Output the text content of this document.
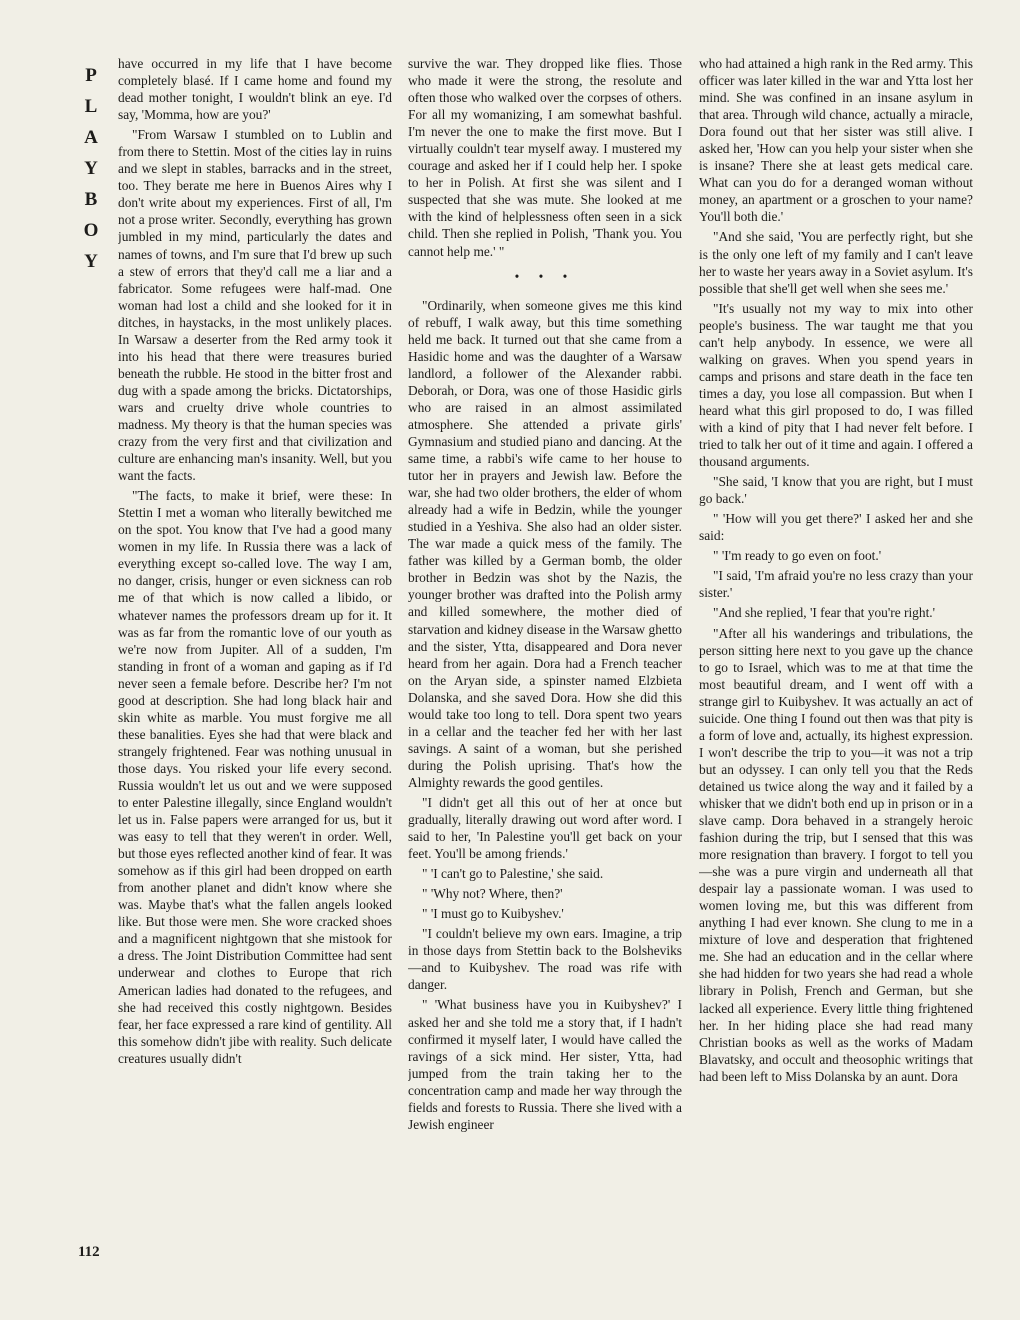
P
L
A
Y
B
O
Y

have occurred in my life that I have become completely blasé. If I came home and found my dead mother tonight, I wouldn't blink an eye. I'd say, 'Momma, how are you?'

"From Warsaw I stumbled on to Lublin and from there to Stettin. Most of the cities lay in ruins and we slept in stables, barracks and in the street, too. They berate me here in Buenos Aires why I don't write about my experiences. First of all, I'm not a prose writer. Secondly, everything has grown jumbled in my mind, particularly the dates and names of towns, and I'm sure that I'd brew up such a stew of errors that they'd call me a liar and a fabricator. Some refugees were half-mad. One woman had lost a child and she looked for it in ditches, in haystacks, in the most unlikely places. In Warsaw a deserter from the Red army took it into his head that there were treasures buried beneath the rubble. He stood in the bitter frost and dug with a spade among the bricks. Dictatorships, wars and cruelty drive whole countries to madness. My theory is that the human species was crazy from the very first and that civilization and culture are enhancing man's insanity. Well, but you want the facts.

"The facts, to make it brief, were these: In Stettin I met a woman who literally bewitched me on the spot. You know that I've had a good many women in my life. In Russia there was a lack of everything except so-called love. The way I am, no danger, crisis, hunger or even sickness can rob me of that which is now called a libido, or whatever names the professors dream up for it. It was as far from the romantic love of our youth as we're now from Jupiter. All of a sudden, I'm standing in front of a woman and gaping as if I'd never seen a female before. Describe her? I'm not good at description. She had long black hair and skin white as marble. You must forgive me all these banalities. Eyes she had that were black and strangely frightened. Fear was nothing unusual in those days. You risked your life every second. Russia wouldn't let us out and we were supposed to enter Palestine illegally, since England wouldn't let us in. False papers were arranged for us, but it was easy to tell that they weren't in order. Well, but those eyes reflected another kind of fear. It was somehow as if this girl had been dropped on earth from another planet and didn't know where she was. Maybe that's what the fallen angels looked like. But those were men. She wore cracked shoes and a magnificent nightgown that she mistook for a dress. The Joint Distribution Committee had sent underwear and clothes to Europe that rich American ladies had donated to the refugees, and she had received this costly nightgown. Besides fear, her face expressed a rare kind of gentility. All this somehow didn't jibe with reality. Such delicate creatures usually didn't

survive the war. They dropped like flies. Those who made it were the strong, the resolute and often those who walked over the corpses of others. For all my womanizing, I am somewhat bashful. I'm never the one to make the first move. But I virtually couldn't tear myself away. I mustered my courage and asked her if I could help her. I spoke to her in Polish. At first she was silent and I suspected that she was mute. She looked at me with the kind of helplessness often seen in a sick child. Then she replied in Polish, 'Thank you. You cannot help me.' "

• • •

"Ordinarily, when someone gives me this kind of rebuff, I walk away, but this time something held me back. It turned out that she came from a Hasidic home and was the daughter of a Warsaw landlord, a follower of the Alexander rabbi. Deborah, or Dora, was one of those Hasidic girls who are raised in an almost assimilated atmosphere. She attended a private girls' Gymnasium and studied piano and dancing. At the same time, a rabbi's wife came to her house to tutor her in prayers and Jewish law. Before the war, she had two older brothers, the elder of whom already had a wife in Bedzin, while the younger studied in a Yeshiva. She also had an older sister. The war made a quick mess of the family. The father was killed by a German bomb, the older brother in Bedzin was shot by the Nazis, the younger brother was drafted into the Polish army and killed somewhere, the mother died of starvation and kidney disease in the Warsaw ghetto and the sister, Ytta, disappeared and Dora never heard from her again. Dora had a French teacher on the Aryan side, a spinster named Elzbieta Dolanska, and she saved Dora. How she did this would take too long to tell. Dora spent two years in a cellar and the teacher fed her with her last savings. A saint of a woman, but she perished during the Polish uprising. That's how the Almighty rewards the good gentiles.

"I didn't get all this out of her at once but gradually, literally drawing out word after word. I said to her, 'In Palestine you'll get back on your feet. You'll be among friends.'

" 'I can't go to Palestine,' she said.

" 'Why not? Where, then?'

" 'I must go to Kuibyshev.'

"I couldn't believe my own ears. Imagine, a trip in those days from Stettin back to the Bolsheviks—and to Kuibyshev. The road was rife with danger.

" 'What business have you in Kuibyshev?' I asked her and she told me a story that, if I hadn't confirmed it myself later, I would have called the ravings of a sick mind. Her sister, Ytta, had jumped from the train taking her to the concentration camp and made her way through the fields and forests to Russia. There she lived with a Jewish engineer

who had attained a high rank in the Red army. This officer was later killed in the war and Ytta lost her mind. She was confined in an insane asylum in that area. Through wild chance, actually a miracle, Dora found out that her sister was still alive. I asked her, 'How can you help your sister when she is insane? There she at least gets medical care. What can you do for a deranged woman without money, an apartment or a groschen to your name? You'll both die.'

"And she said, 'You are perfectly right, but she is the only one left of my family and I can't leave her to waste her years away in a Soviet asylum. It's possible that she'll get well when she sees me.'

"It's usually not my way to mix into other people's business. The war taught me that you can't help anybody. In essence, we were all walking on graves. When you spend years in camps and prisons and stare death in the face ten times a day, you lose all compassion. But when I heard what this girl proposed to do, I was filled with a kind of pity that I had never felt before. I tried to talk her out of it time and again. I offered a thousand arguments.

"She said, 'I know that you are right, but I must go back.'

" 'How will you get there?' I asked her and she said:

" 'I'm ready to go even on foot.'

"I said, 'I'm afraid you're no less crazy than your sister.'

"And she replied, 'I fear that you're right.'

"After all his wanderings and tribulations, the person sitting here next to you gave up the chance to go to Israel, which was to me at that time the most beautiful dream, and I went off with a strange girl to Kuibyshev. It was actually an act of suicide. One thing I found out then was that pity is a form of love and, actually, its highest expression. I won't describe the trip to you—it was not a trip but an odyssey. I can only tell you that the Reds detained us twice along the way and it failed by a whisker that we didn't both end up in prison or in a slave camp. Dora behaved in a strangely heroic fashion during the trip, but I sensed that this was more resignation than bravery. I forgot to tell you—she was a pure virgin and underneath all that despair lay a passionate woman. I was used to women loving me, but this was different from anything I had ever known. She clung to me in a mixture of love and desperation that frightened me. She had an education and in the cellar where she had hidden for two years she had read a whole library in Polish, French and German, but she lacked all experience. Every little thing frightened her. In her hiding place she had read many Christian books as well as the works of Madam Blavatsky, and occult and theosophic writings that had been left to Miss Dolanska by an aunt. Dora

112
